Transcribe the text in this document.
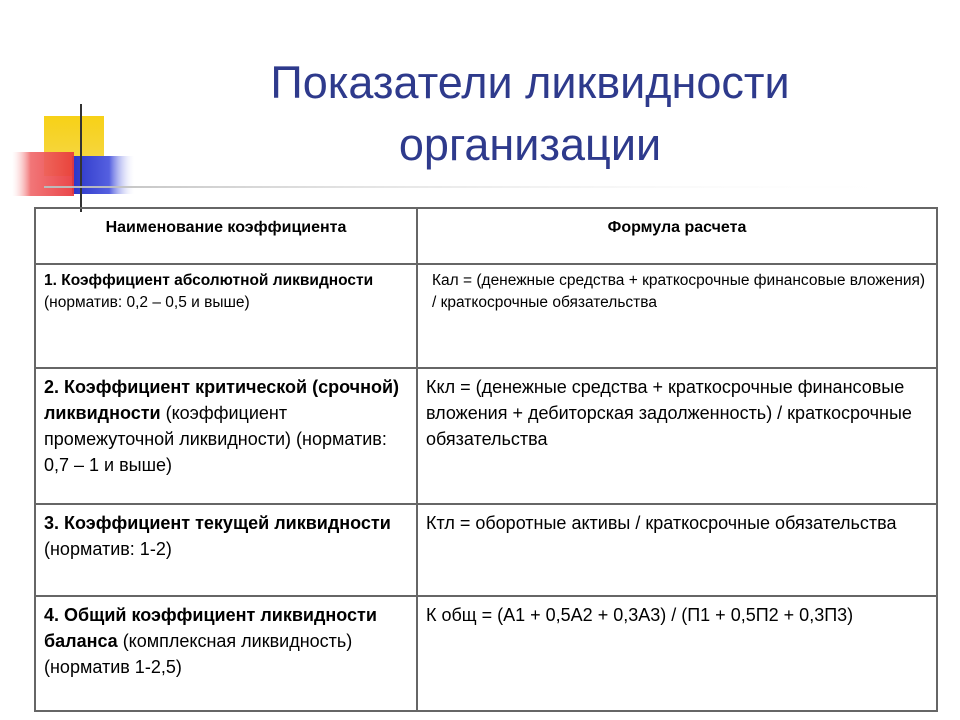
Показатели ликвидности организации
Наименование коэффициента	Формула расчета
1. Коэффициент абсолютной ликвидности (норматив: 0,2 – 0,5 и выше)	Кал = (денежные средства + краткосрочные финансовые вложения) / краткосрочные обязательства
2. Коэффициент критической (срочной) ликвидности (коэффициент промежуточной ликвидности) (норматив: 0,7 – 1 и выше)	Ккл = (денежные средства + краткосрочные финансовые вложения + дебиторская задолженность) / краткосрочные обязательства
3. Коэффициент текущей ликвидности (норматив: 1-2)	Ктл = оборотные активы / краткосрочные обязательства
4. Общий коэффициент ликвидности баланса (комплексная ликвидность) (норматив 1-2,5)	К общ = (А1 + 0,5А2 + 0,3А3) / (П1 + 0,5П2 + 0,3П3)
